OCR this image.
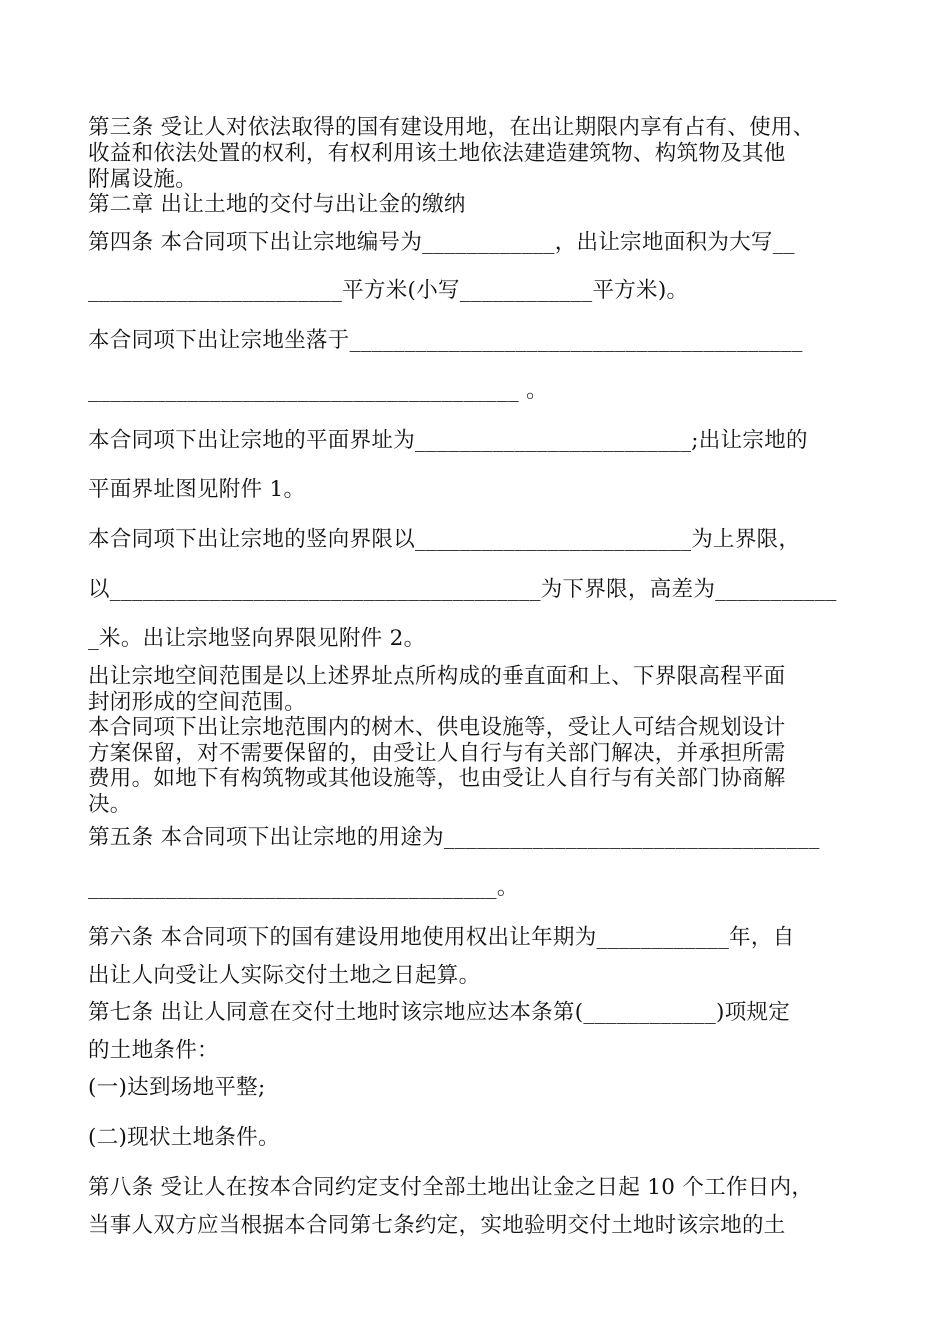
第三条 受让人对依法取得的国有建设用地，在出让期限内享有占有、使用、
收益和依法处置的权利，有权利用该土地依法建造建筑物、构筑物及其他
附属设施。
第二章 出让土地的交付与出让金的缴纳
第四条 本合同项下出让宗地编号为____________，出让宗地面积为大写__
_______________________平方米(小写____________平方米)。
本合同项下出让宗地坐落于_________________________________________
_______________________________________ 。
本合同项下出让宗地的平面界址为_________________________;出让宗地的
平面界址图见附件 1。
本合同项下出让宗地的竖向界限以_________________________为上界限，
以_______________________________________为下界限，高差为___________
_米。出让宗地竖向界限见附件 2。
出让宗地空间范围是以上述界址点所构成的垂直面和上、下界限高程平面
封闭形成的空间范围。
本合同项下出让宗地范围内的树木、供电设施等，受让人可结合规划设计
方案保留，对不需要保留的，由受让人自行与有关部门解决，并承担所需
费用。如地下有构筑物或其他设施等，也由受让人自行与有关部门协商解
决。
第五条 本合同项下出让宗地的用途为__________________________________
_____________________________________。
第六条 本合同项下的国有建设用地使用权出让年期为____________年，自
出让人向受让人实际交付土地之日起算。
第七条 出让人同意在交付土地时该宗地应达本条第(____________)项规定
的土地条件：
(一)达到场地平整;
(二)现状土地条件。
第八条 受让人在按本合同约定支付全部土地出让金之日起 10 个工作日内，
当事人双方应当根据本合同第七条约定，实地验明交付土地时该宗地的土
